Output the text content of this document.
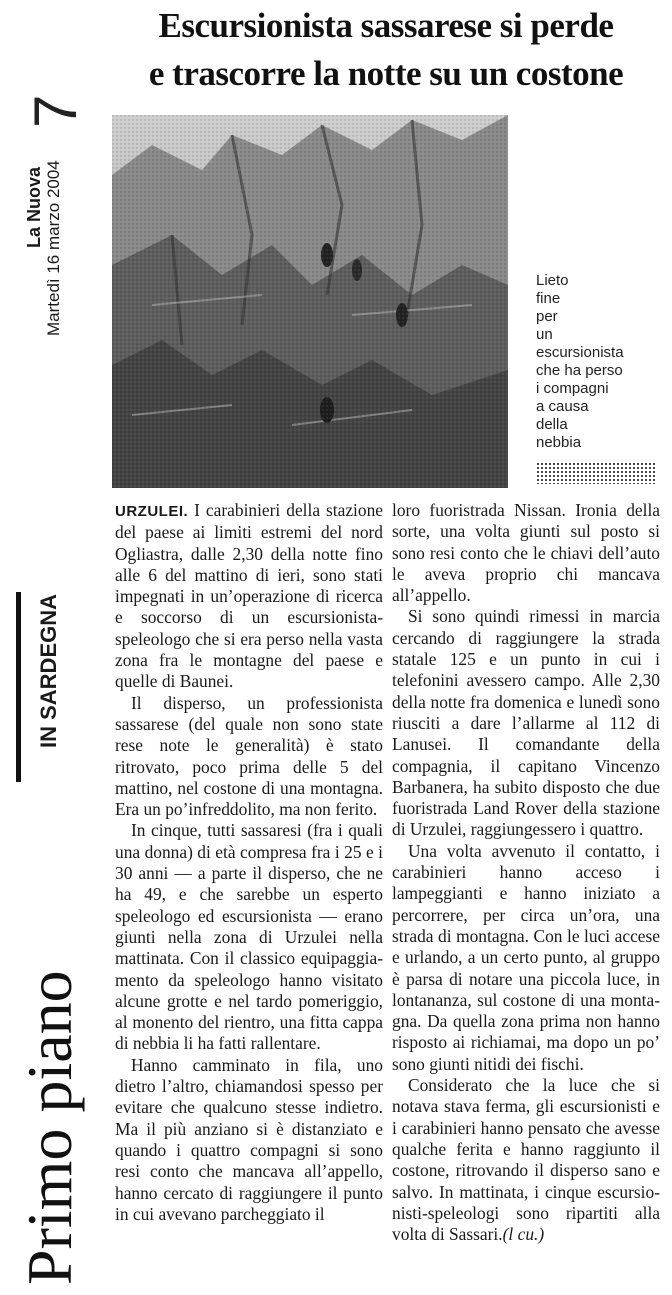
Escursionista sassarese si perde
e trascorre la notte su un costone
7
La Nuova Martedì 16 marzo 2004
IN SARDEGNA
Primo piano
Lieto
fine
per
un
escursionista
che ha perso
i compagni
a causa
della
nebbia

URZULEI. I carabinieri della stazione del paese ai limiti estremi del nord Ogliastra, dalle 2,30 della notte fino alle 6 del mattino di ieri, sono stati impegnati in un’operazione di ricerca e soccorso di un escursionista-speleologo che si era perso nella vasta zona fra le montagne del paese e quelle di Baunei.

Il disperso, un professionista sassarese (del quale non sono state rese note le generalità) è stato ritrovato, poco prima delle 5 del mattino, nel costone di una montagna. Era un po’infreddolito, ma non ferito.

In cinque, tutti sassaresi (fra i quali una donna) di età compresa fra i 25 e i 30 anni — a parte il disperso, che ne ha 49, e che sarebbe un esperto speleologo ed escursionista — erano giunti nella zona di Urzulei nella mattinata. Con il classico equipaggiamento da speleologo hanno visitato alcune grotte e nel tardo pomeriggio, al monento del rientro, una fitta cappa di nebbia li ha fatti rallentare.

Hanno camminato in fila, uno dietro l’altro, chiamandosi spesso per evitare che qualcuno stesse indietro. Ma il più anziano si è distanziato e quando i quattro compagni si sono resi conto che mancava all’appello, hanno cercato di raggiungere il punto in cui avevano parcheggiato il

loro fuoristrada Nissan. Ironia della sorte, una volta giunti sul posto si sono resi conto che le chiavi dell’auto le aveva proprio chi mancava all’appello.

Si sono quindi rimessi in marcia cercando di raggiungere la strada statale 125 e un punto in cui i telefonini avessero campo. Alle 2,30 della notte fra domenica e lunedì sono riusciti a dare l’allarme al 112 di Lanusei. Il comandante della compagnia, il capitano Vincenzo Barbanera, ha subito disposto che due fuoristrada Land Rover della stazione di Urzulei, raggiungessero i quattro.

Una volta avvenuto il contatto, i carabinieri hanno acceso i lampeggianti e hanno iniziato a percorrere, per circa un’ora, una strada di montagna. Con le luci accese e urlando, a un certo punto, al gruppo è parsa di notare una piccola luce, in lontananza, sul costone di una montagna. Da quella zona prima non hanno risposto ai richiamai, ma dopo un po’ sono giunti nitidi dei fischi.

Considerato che la luce che si notava stava ferma, gli escursionisti e i carabinieri hanno pensato che avesse qualche ferita e hanno raggiunto il costone, ritrovando il disperso sano e salvo. In mattinata, i cinque escursionisti-speleologi sono ripartiti alla volta di Sassari.(l cu.)
